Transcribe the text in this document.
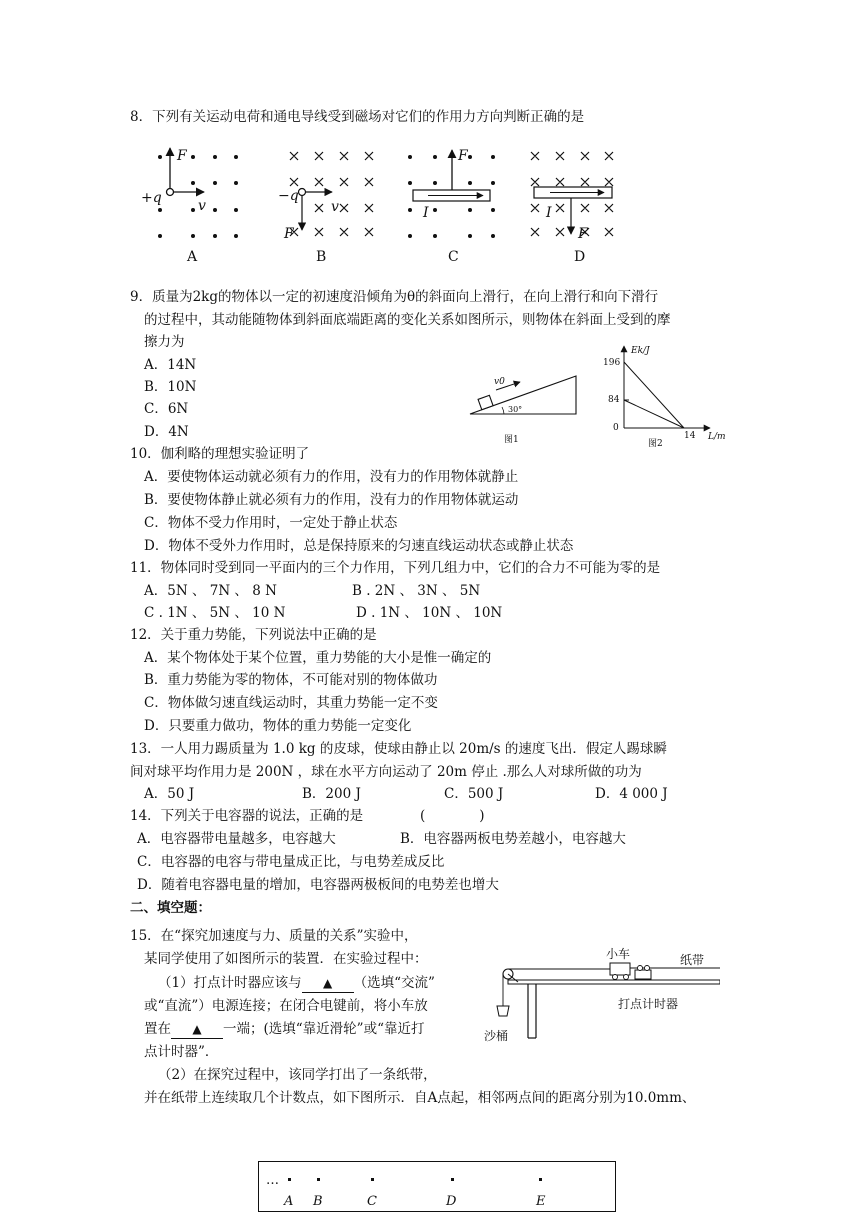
8．下列有关运动电荷和通电导线受到磁场对它们的作用力方向判断正确的是
F
+q	v
−q
v
F
F
I	I
F
A	B	C	D
9．质量为2kg的物体以一定的初速度沿倾角为θ的斜面向上滑行，在向上滑行和向下滑行
的过程中，其动能随物体到斜面底端距离的变化关系如图所示，则物体在斜面上受到的摩
擦力为
A．14N
B．10N
C．6N
D．4N
v0
30°
图1
Ek/J
196
84
0
14 L/m
图2
10．伽利略的理想实验证明了
A．要使物体运动就必须有力的作用，没有力的作用物体就静止
B．要使物体静止就必须有力的作用，没有力的作用物体就运动
C．物体不受力作用时，一定处于静止状态
D．物体不受外力作用时，总是保持原来的匀速直线运动状态或静止状态
11．物体同时受到同一平面内的三个力作用，下列几组力中，它们的合力不可能为零的是
A．5N 、 7N 、 8 N	B . 2N 、 3N 、 5N
C . 1N 、 5N 、 10 N	D . 1N 、 10N 、 10N
12．关于重力势能，下列说法中正确的是
A．某个物体处于某个位置，重力势能的大小是惟一确定的
B．重力势能为零的物体，不可能对别的物体做功
C．物体做匀速直线运动时，其重力势能一定不变
D．只要重力做功，物体的重力势能一定变化
13．一人用力踢质量为 1.0 kg 的皮球，使球由静止以 20m/s 的速度飞出．假定人踢球瞬
间对球平均作用力是 200N ，球在水平方向运动了 20m 停止 .那么人对球所做的功为
A．50 J	B．200 J	C．500 J	D．4 000 J
14．下列关于电容器的说法，正确的是	(　　　　)
A．电容器带电量越多，电容越大	B．电容器两板电势差越小，电容越大
C．电容器的电容与带电量成正比，与电势差成反比
D．随着电容器电量的增加，电容器两极板间的电势差也增大
二、填空题：
15．在“探究加速度与力、质量的关系”实验中，
某同学使用了如图所示的装置．在实验过程中：
（1）打点计时器应该与 ▲ （选填“交流”
或“直流”）电源连接；在闭合电键前，将小车放
置在 ▲ 一端；(选填“靠近滑轮”或“靠近打
点计时器”．
（2）在探究过程中，该同学打出了一条纸带，
并在纸带上连续取几个计数点，如下图所示．自A点起，相邻两点间的距离分别为10.0mm、
小车	纸带
打点计时器
沙桶
…
A B	C	D	E
